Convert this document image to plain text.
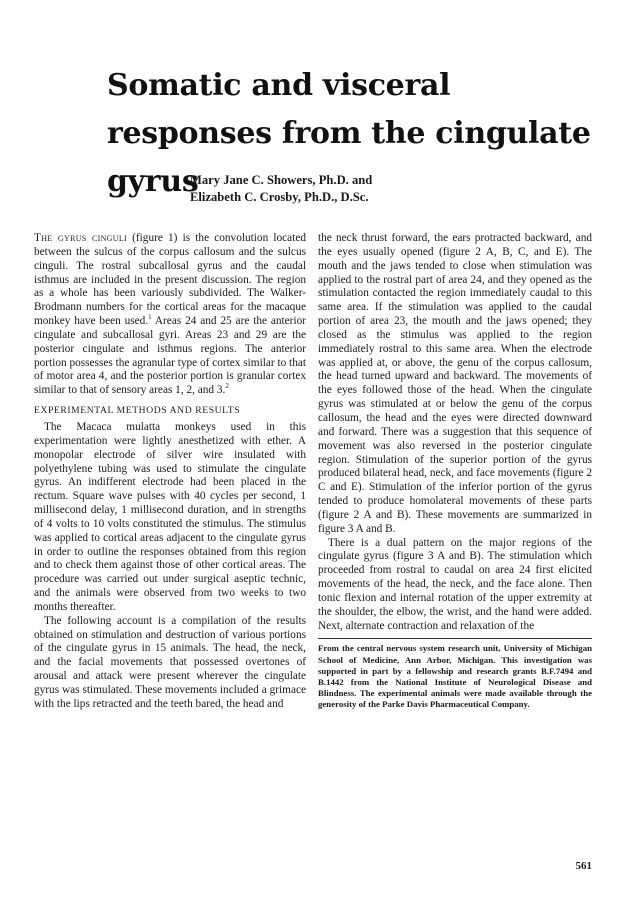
Somatic and visceral responses from the cingulate gyrus
Mary Jane C. Showers, Ph.D. and
Elizabeth C. Crosby, Ph.D., D.Sc.

The gyrus cinguli (figure 1) is the convolution located between the sulcus of the corpus callosum and the sulcus cinguli. The rostral subcallosal gyrus and the caudal isthmus are included in the present discussion. The region as a whole has been variously subdivided. The Walker-Brodmann numbers for the cortical areas for the macaque monkey have been used.$^1$ Areas 24 and 25 are the anterior cingulate and subcallosal gyri. Areas 23 and 29 are the posterior cingulate and isthmus regions. The anterior portion possesses the agranular type of cortex similar to that of motor area 4, and the posterior portion is granular cortex similar to that of sensory areas 1, 2, and 3.$^2$

EXPERIMENTAL METHODS AND RESULTS

The Macaca mulatta monkeys used in this experimentation were lightly anesthetized with ether. A monopolar electrode of silver wire insulated with polyethylene tubing was used to stimulate the cingulate gyrus. An indifferent electrode had been placed in the rectum. Square wave pulses with 40 cycles per second, 1 millisecond delay, 1 millisecond duration, and in strengths of 4 volts to 10 volts constituted the stimulus. The stimulus was applied to cortical areas adjacent to the cingulate gyrus in order to outline the responses obtained from this region and to check them against those of other cortical areas. The procedure was carried out under surgical aseptic technic, and the animals were observed from two weeks to two months thereafter.

The following account is a compilation of the results obtained on stimulation and destruction of various portions of the cingulate gyrus in 15 animals. The head, the neck, and the facial movements that possessed overtones of arousal and attack were present wherever the cingulate gyrus was stimulated. These movements included a grimace with the lips retracted and the teeth bared, the head and

the neck thrust forward, the ears protracted backward, and the eyes usually opened (figure 2 A, B, C, and E). The mouth and the jaws tended to close when stimulation was applied to the rostral part of area 24, and they opened as the stimulation contacted the region immediately caudal to this same area. If the stimulation was applied to the caudal portion of area 23, the mouth and the jaws opened; they closed as the stimulus was applied to the region immediately rostral to this same area. When the electrode was applied at, or above, the genu of the corpus callosum, the head turned upward and backward. The movements of the eyes followed those of the head. When the cingulate gyrus was stimulated at or below the genu of the corpus callosum, the head and the eyes were directed downward and forward. There was a suggestion that this sequence of movement was also reversed in the posterior cingulate region. Stimulation of the superior portion of the gyrus produced bilateral head, neck, and face movements (figure 2 C and E). Stimulation of the inferior portion of the gyrus tended to produce homolateral movements of these parts (figure 2 A and B). These movements are summarized in figure 3 A and B.

There is a dual pattern on the major regions of the cingulate gyrus (figure 3 A and B). The stimulation which proceeded from rostral to caudal on area 24 first elicited movements of the head, the neck, and the face alone. Then tonic flexion and internal rotation of the upper extremity at the shoulder, the elbow, the wrist, and the hand were added. Next, alternate contraction and relaxation of the

From the central nervous system research unit, University of Michigan School of Medicine, Ann Arbor, Michigan. This investigation was supported in part by a fellowship and research grants B.F.7494 and B.1442 from the National Institute of Neurological Disease and Blindness. The experimental animals were made available through the generosity of the Parke Davis Pharmaceutical Company.

561
